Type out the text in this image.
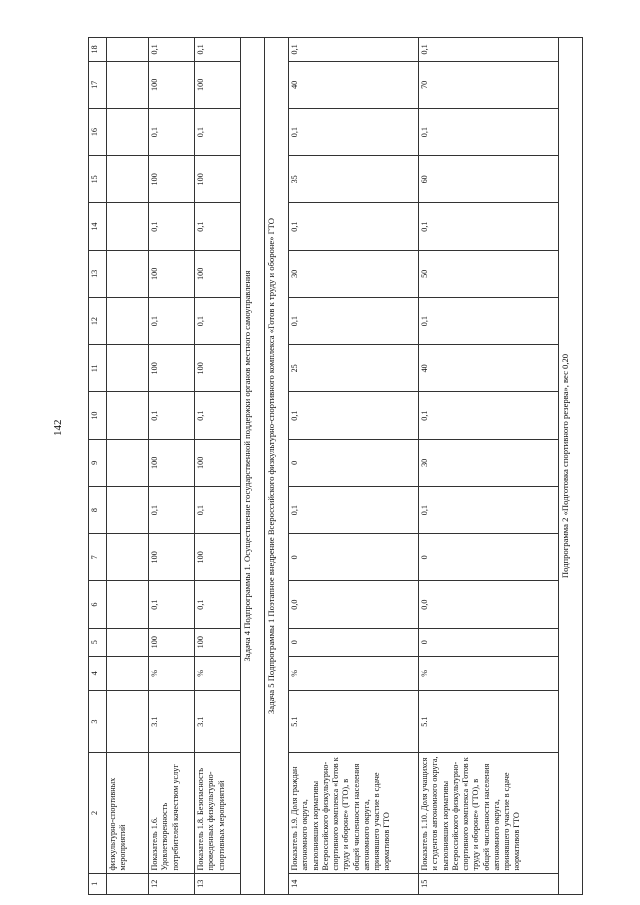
142
1	2	3	4	5	6	7	8	9	10	11	12	13	14	15	16	17	18
	физкультурно-спортивных мероприятий																
12	Показатель 1.6. Удовлетворенность потребителей качеством услуг	3.1	%	100	0,1	100	0,1	100	0,1	100	0,1	100	0,1	100	0,1	100	0,1
13	Показатель 1.8. Безопасность проведенных физкультурно-спортивных мероприятий	3.1	%	100	0,1	100	0,1	100	0,1	100	0,1	100	0,1	100	0,1	100	0,1
Задача 4 Подпрограммы 1. Осуществление государственной поддержки органов местного самоуправления																	
Задача 5 Подпрограммы 1 Поэтапное внедрение Всероссийского физкультурно-спортивного комплекса «Готов к труду и обороне» ГТО																	
14	Показатель 1.9. Доля граждан автономного округа, выполнивших нормативы Всероссийского физкультурно-спортивного комплекса «Готов к труду и обороне» (ГТО), в общей численности населения автономного округа, принявшего участие в сдаче нормативов ГТО	5.1	%	0	0,0	0	0,1	0	0,1	25	0,1	30	0,1	35	0,1	40	0,1
15	Показатель 1.10. Доля учащихся и студентов автономного округа, выполнивших нормативы Всероссийского физкультурно-спортивного комплекса «Готов к труду и обороне» (ГТО), в общей численности населения автономного округа, принявшего участие в сдаче нормативов ГТО	5.1	%	0	0,0	0	0,1	30	0,1	40	0,1	50	0,1	60	0,1	70	0,1
Подпрограмма 2 «Подготовка спортивного резерва», вес 0,20																	
